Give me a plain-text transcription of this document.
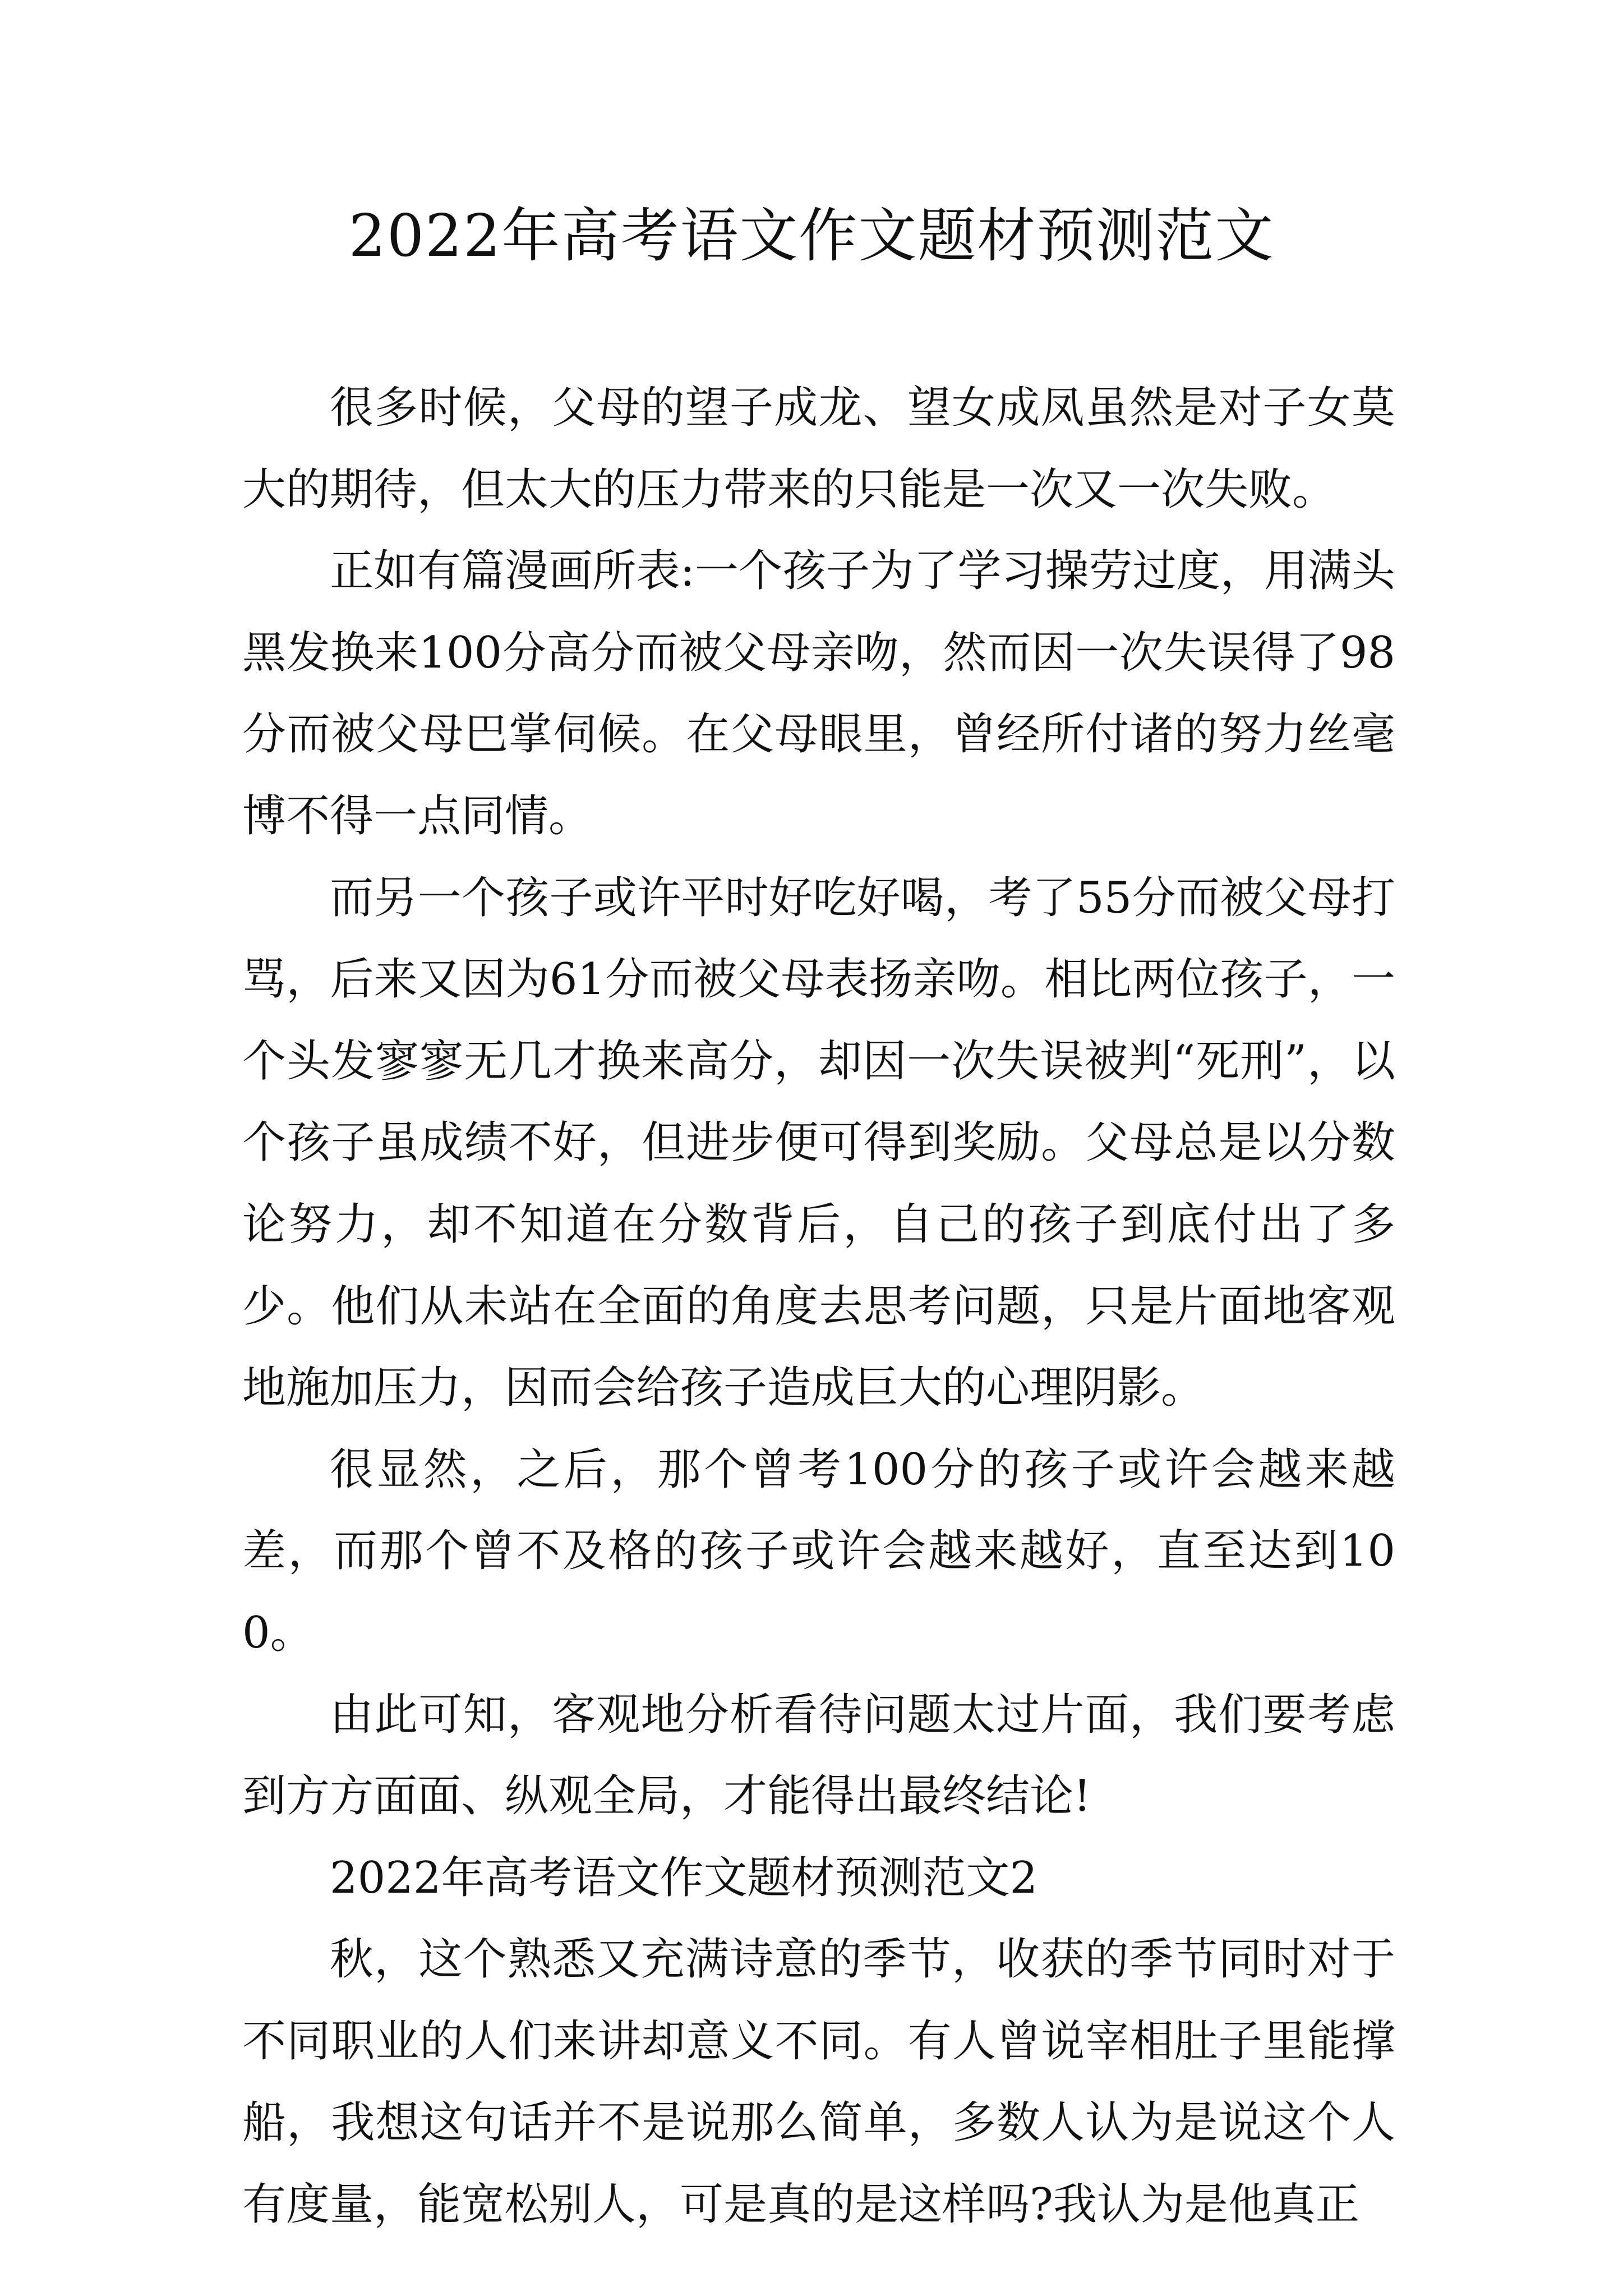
2022年高考语文作文题材预测范文

很多时候，父母的望子成龙、望女成凤虽然是对子女莫大的期待，但太大的压力带来的只能是一次又一次失败。

正如有篇漫画所表:一个孩子为了学习操劳过度，用满头黑发换来100分高分而被父母亲吻，然而因一次失误得了98分而被父母巴掌伺候。在父母眼里，曾经所付诸的努力丝毫博不得一点同情。

而另一个孩子或许平时好吃好喝，考了55分而被父母打骂，后来又因为61分而被父母表扬亲吻。相比两位孩子，一个头发寥寥无几才换来高分，却因一次失误被判“死刑”，以个孩子虽成绩不好，但进步便可得到奖励。父母总是以分数论努力，却不知道在分数背后，自己的孩子到底付出了多少。他们从未站在全面的角度去思考问题，只是片面地客观地施加压力，因而会给孩子造成巨大的心理阴影。

很显然，之后，那个曾考100分的孩子或许会越来越差，而那个曾不及格的孩子或许会越来越好，直至达到100。

由此可知，客观地分析看待问题太过片面，我们要考虑到方方面面、纵观全局，才能得出最终结论!

2022年高考语文作文题材预测范文2

秋，这个熟悉又充满诗意的季节，收获的季节同时对于不同职业的人们来讲却意义不同。有人曾说宰相肚子里能撑船，我想这句话并不是说那么简单，多数人认为是说这个人有度量，能宽松别人，可是真的是这样吗?我认为是他真正
